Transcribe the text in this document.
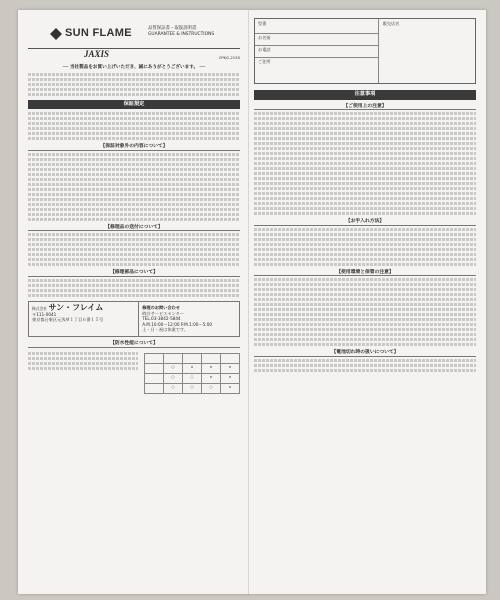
SUN FLAME	品質保証書・取扱説明書
GUARANTEE & INSTRUCTIONS
JAXIS	CPKG-2135

── 当社製品をお買い上げいただき、誠にありがとうございます。 ──

保証規定
【保証対象外の内容について】
【修理品の送付について】
【修理部品について】
株式会社 サン・フレイム
〒111-0041
東京都台東区元浅草１丁目６番１５号
修理のお問い合わせ
時計サービスセンター
TEL.03-3842-5844
A.M.10:00〜12:00 P.M.1:00〜5:00
土・日・祝は休業です。
【防水性能について】

	○	×	×	×
	○	○	×	×
	○	○	○	×
型番
お名前
お電話
ご住所
販売店名
注意事項
【ご使用上の注意】
【お手入れ方法】
【使用環境と保管の注意】
【電池切れ時の扱いについて】
